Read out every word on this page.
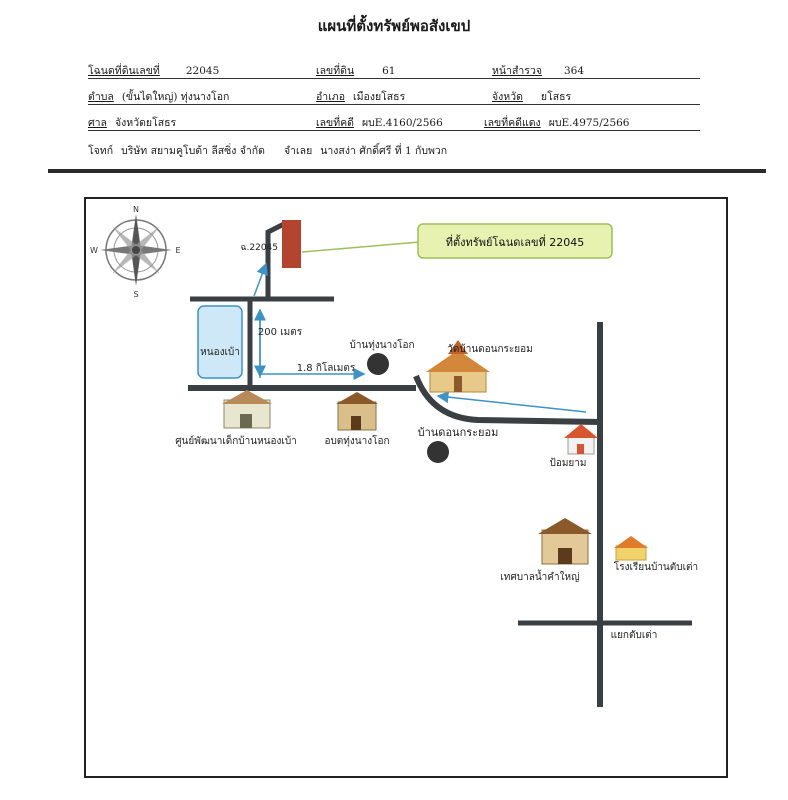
แผนที่ตั้งทรัพย์พอสังเขป
โฉนดที่ดินเลขที่ 22045	เลขที่ดิน	61	หน้าสำรวจ 364
ตำบล (ขั้นไดใหญ่) ทุ่งนางโอก	อำเภอ เมืองยโสธร	จังหวัด ยโสธร
ศาล จังหวัดยโสธร	เลขที่คดี ผบE.4160/2566	เลขที่คดีแดง ผบE.4975/2566
โจทก์ บริษัท สยามคูโบต้า ลีสซิ่ง จำกัด จำเลย นางสง่า ศักดิ์ศรี ที่ 1 กับพวก
หนองเบ้า
200 เมตร
1.8 กิโลเมตร
ฉ.22045	ที่ตั้งทรัพย์โฉนดเลขที่ 22045
บ้านทุ่งนางโอก
บ้านดอนกระยอม
วัดบ้านดอนกระยอม
ศูนย์พัฒนาเด็กบ้านหนองเบ้า	อบตทุ่งนางโอก
ป้อมยาม
เทศบาลน้ำคำใหญ่
โรงเรียนบ้านตับเต่า
แยกตับเต่า
N
S
E
W
